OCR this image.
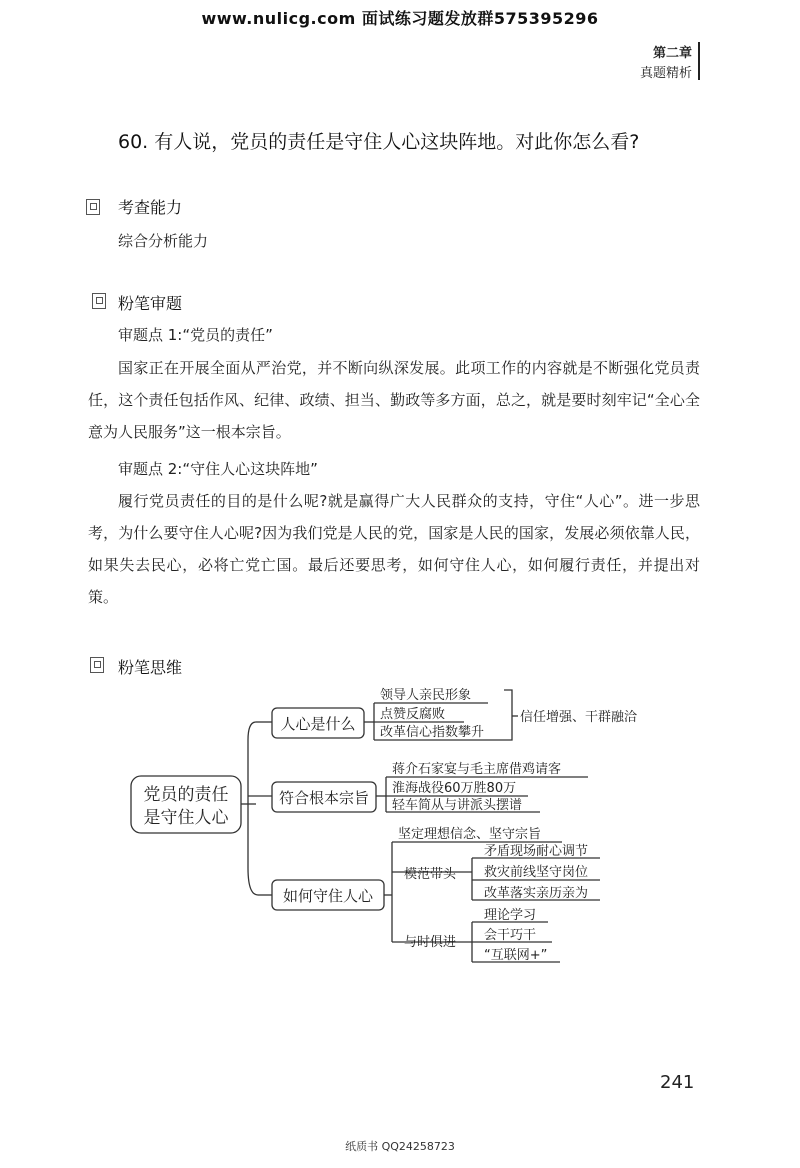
www.nulicg.com 面试练习题发放群575395296
第二章
真题精析
60. 有人说，党员的责任是守住人心这块阵地。对此你怎么看?
考查能力
综合分析能力
粉笔审题
审题点 1:“党员的责任”
国家正在开展全面从严治党，并不断向纵深发展。此项工作的内容就是不断强化党员责任，这个责任包括作风、纪律、政绩、担当、勤政等多方面，总之，就是要时刻牢记“全心全意为人民服务”这一根本宗旨。
审题点 2:“守住人心这块阵地”
履行党员责任的目的是什么呢?就是赢得广大人民群众的支持，守住“人心”。进一步思考，为什么要守住人心呢?因为我们党是人民的党，国家是人民的国家，发展必须依靠人民，如果失去民心，必将亡党亡国。最后还要思考，如何守住人心，如何履行责任，并提出对策。
粉笔思维
党员的责任
是守住人心
人心是什么
符合根本宗旨
如何守住人心
领导人亲民形象
点赞反腐败
改革信心指数攀升
信任增强、干群融洽
蒋介石家宴与毛主席借鸡请客
淮海战役60万胜80万
轻车简从与讲派头摆谱
坚定理想信念、坚守宗旨
模范带头
矛盾现场耐心调节
救灾前线坚守岗位
改革落实亲历亲为
与时俱进
理论学习
会干巧干
“互联网+”
241
纸质书 QQ24258723
